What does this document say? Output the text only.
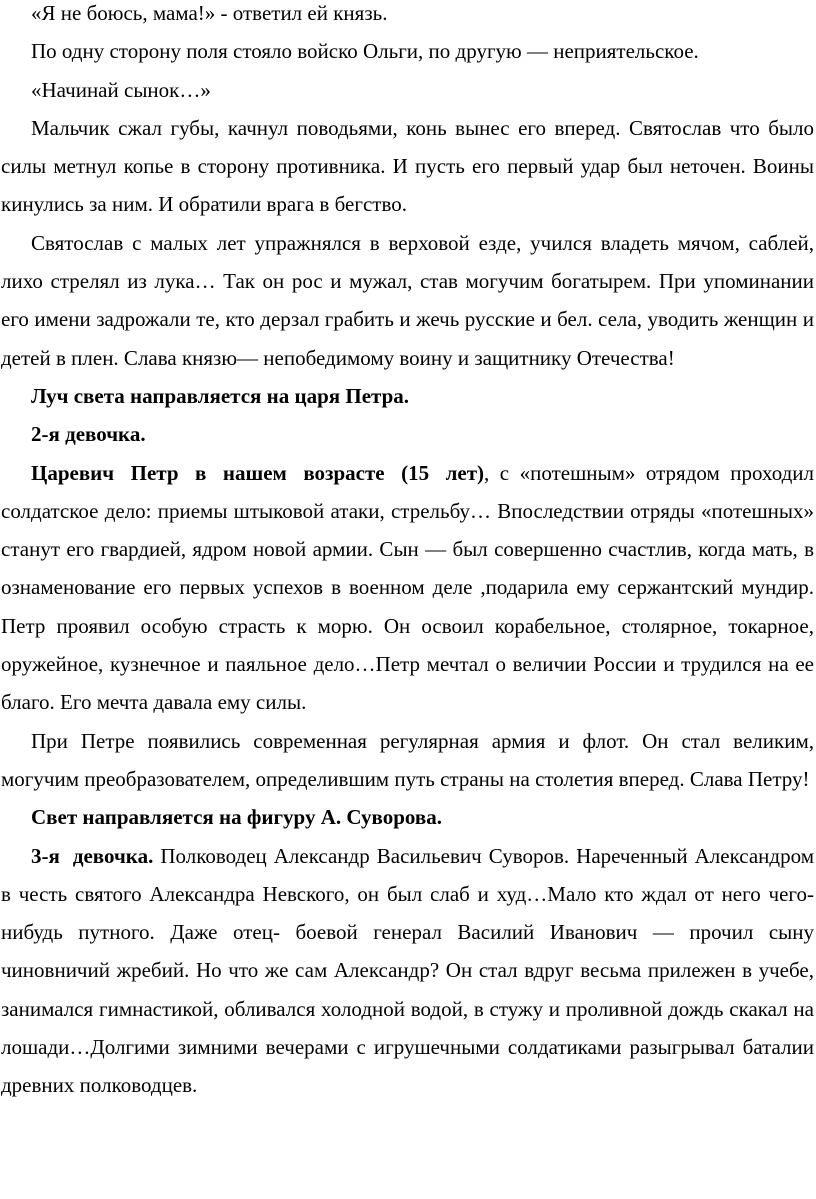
«Я не боюсь, мама!» - ответил ей князь.

По одну сторону поля стояло войско Ольги, по другую — неприятельское.

«Начинай сынок…»

Мальчик сжал губы, качнул поводьями, конь вынес его вперед. Святослав что было силы метнул копье в сторону противника. И пусть его первый удар был неточен. Воины кинулись за ним. И обратили врага в бегство.

Святослав с малых лет упражнялся в верховой езде, учился владеть мячом, саблей, лихо стрелял из лука… Так он рос и мужал, став могучим богатырем. При упоминании его имени задрожали те, кто дерзал грабить и жечь русские и бел. села, уводить женщин и детей в плен. Слава князю— непобедимому воину и защитнику Отечества!

Луч света направляется на царя Петра.

2-я девочка.

Царевич Петр в нашем возрасте (15 лет), с «потешным» отрядом проходил солдатское дело: приемы штыковой атаки, стрельбу… Впоследствии отряды «потешных» станут его гвардией, ядром новой армии. Сын — был совершенно счастлив, когда мать, в ознаменование его первых успехов в военном деле ,подарила ему сержантский мундир. Петр проявил особую страсть к морю. Он освоил корабельное, столярное, токарное, оружейное, кузнечное и паяльное дело…Петр мечтал о величии России и трудился на ее благо. Его мечта давала ему силы.

При Петре появились современная регулярная армия и флот. Он стал великим, могучим преобразователем, определившим путь страны на столетия вперед. Слава Петру!

Свет направляется на фигуру А. Суворова.

3-я девочка. Полководец Александр Васильевич Суворов. Нареченный Александром в честь святого Александра Невского, он был слаб и худ…Мало кто ждал от него чего-нибудь путного. Даже отец- боевой генерал Василий Иванович — прочил сыну чиновничий жребий. Но что же сам Александр? Он стал вдруг весьма прилежен в учебе, занимался гимнастикой, обливался холодной водой, в стужу и проливной дождь скакал на лошади…Долгими зимними вечерами с игрушечными солдатиками разыгрывал баталии древних полководцев.
